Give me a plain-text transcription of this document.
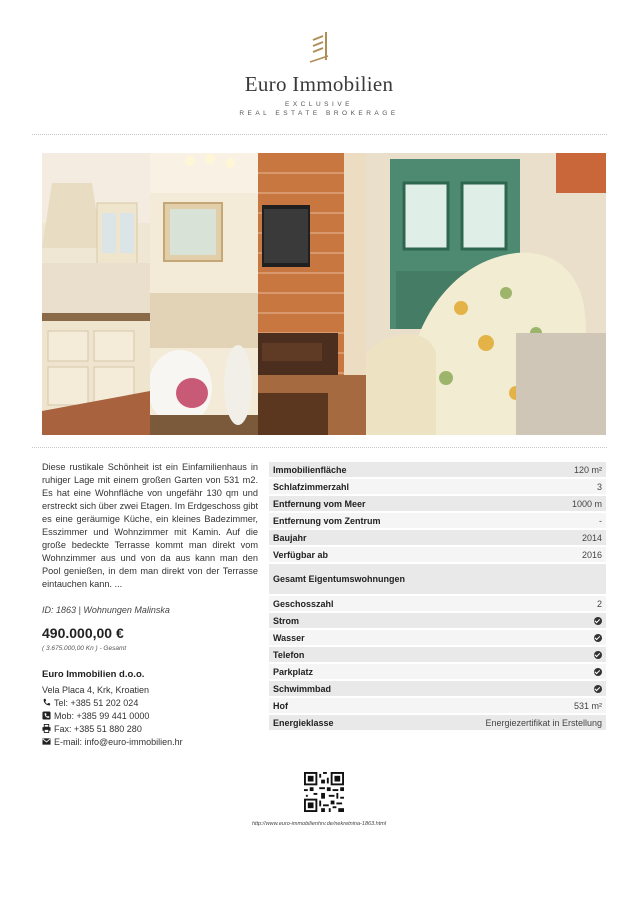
Euro Immobilien
EXCLUSIVE
REAL ESTATE BROKERAGE
Diese rustikale Schönheit ist ein Einfamilienhaus in ruhiger Lage mit einem großen Garten von 531 m2. Es hat eine Wohnfläche von ungefähr 130 qm und erstreckt sich über zwei Etagen. Im Erdgeschoss gibt es eine geräumige Küche, ein kleines Badezimmer, Esszimmer und Wohnzimmer mit Kamin. Auf die große bedeckte Terrasse kommt man direkt vom Wohnzimmer aus und von da aus kann man den Pool genießen, in dem man direkt von der Terrasse eintauchen kann. ...
ID: 1863 | Wohnungen Malinska
490.000,00 €
( 3.675.000,00 Kn ) - Gesamt
Euro Immobilien d.o.o.
Vela Placa 4, Krk, Kroatien
Tel: +385 51 202 024
Mob: +385 99 441 0000
Fax: +385 51 880 280
E-mail: info@euro-immobilien.hr
Immobilienfläche	120 m²
Schlafzimmerzahl	3
Entfernung vom Meer	1000 m
Entfernung vom Zentrum	-
Baujahr	2014
Verfügbar ab	2016
Gesamt Eigentumswohnungen	
Geschosszahl	2
Strom	
Wasser	
Telefon	
Parkplatz	
Schwimmbad	
Hof	531 m²
Energieklasse	Energiezertifikat in Erstellung
http://www.euro-immobilienhrv.de/nekretnina-1863.html
